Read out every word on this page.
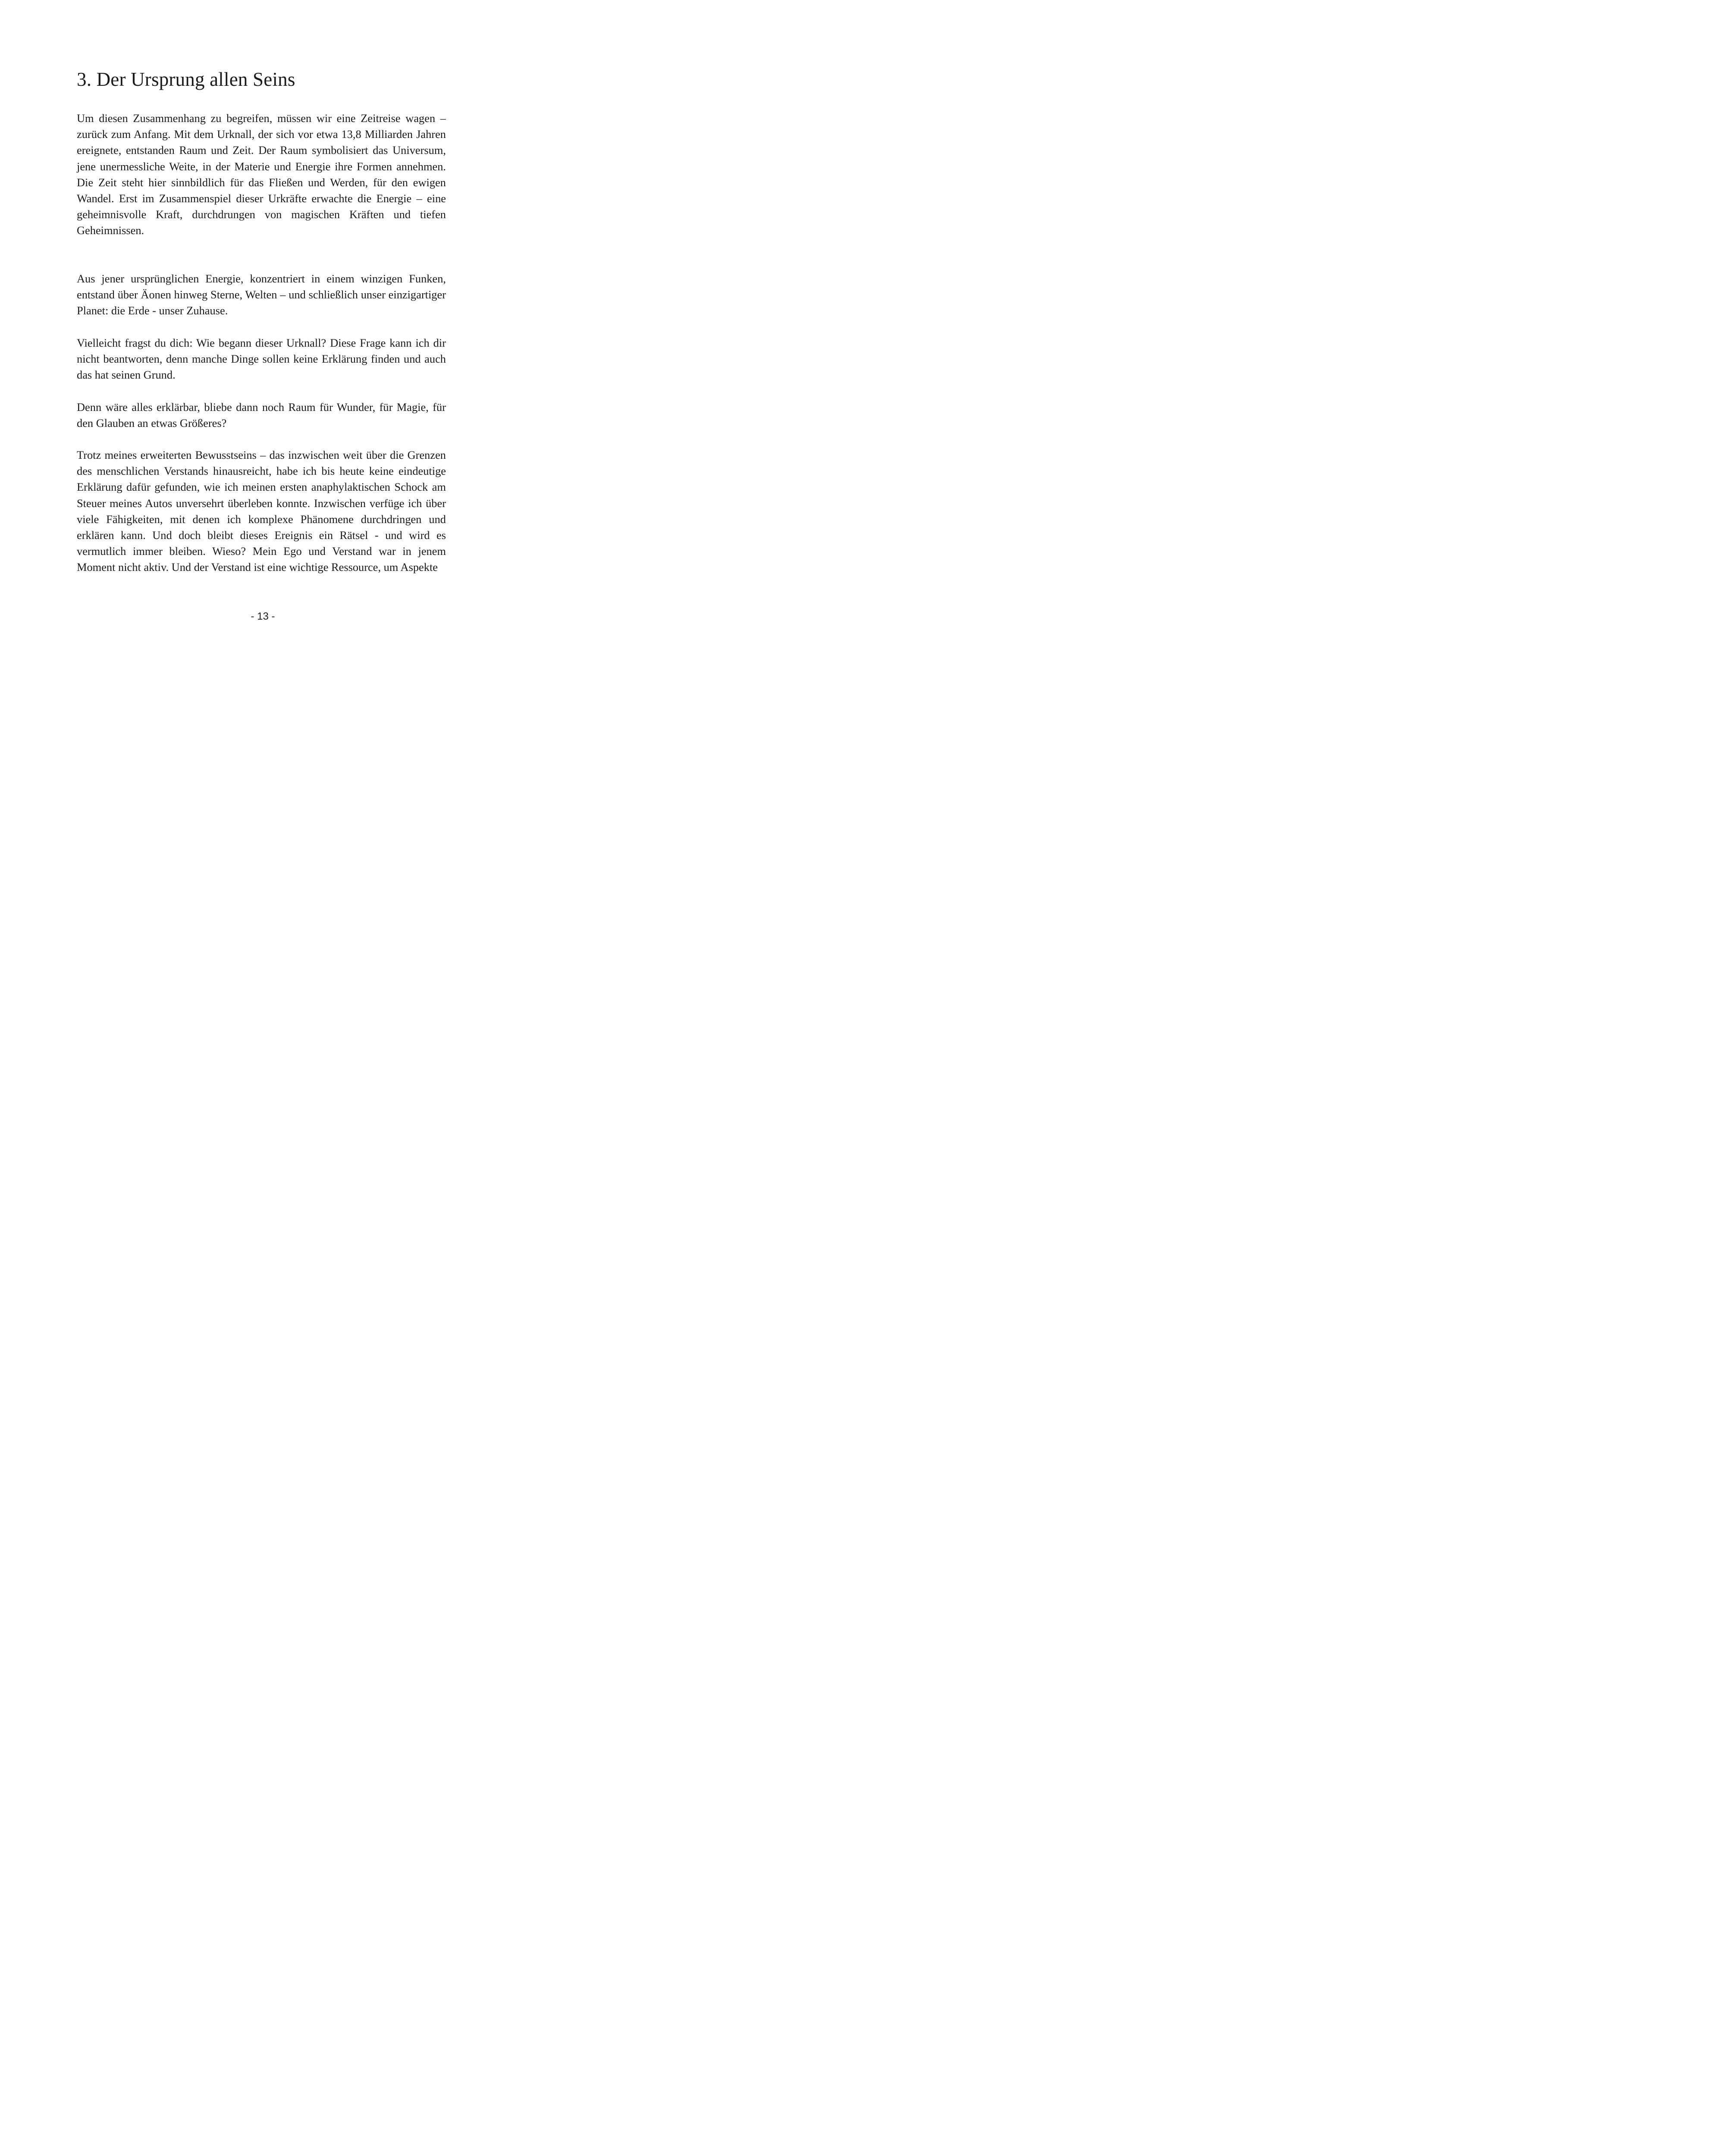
3. Der Ursprung allen Seins

Um diesen Zusammenhang zu begreifen, müssen wir eine Zeitreise wagen – zurück zum Anfang. Mit dem Urknall, der sich vor etwa 13,8 Milliarden Jahren ereignete, entstanden Raum und Zeit. Der Raum symbolisiert das Universum, jene unermessliche Weite, in der Materie und Energie ihre Formen annehmen. Die Zeit steht hier sinnbildlich für das Fließen und Werden, für den ewigen Wandel. Erst im Zusammenspiel dieser Urkräfte erwachte die Energie – eine geheimnisvolle Kraft, durchdrungen von magischen Kräften und tiefen Geheimnissen.

Aus jener ursprünglichen Energie, konzentriert in einem winzigen Funken, entstand über Äonen hinweg Sterne, Welten – und schließlich unser einzigartiger Planet: die Erde - unser Zuhause.

Vielleicht fragst du dich: Wie begann dieser Urknall? Diese Frage kann ich dir nicht beantworten, denn manche Dinge sollen keine Erklärung finden und auch das hat seinen Grund.

Denn wäre alles erklärbar, bliebe dann noch Raum für Wunder, für Magie, für den Glauben an etwas Größeres?

Trotz meines erweiterten Bewusstseins – das inzwischen weit über die Grenzen des menschlichen Verstands hinausreicht, habe ich bis heute keine eindeutige Erklärung dafür gefunden, wie ich meinen ersten anaphylaktischen Schock am Steuer meines Autos unversehrt überleben konnte. Inzwischen verfüge ich über viele Fähigkeiten, mit denen ich komplexe Phänomene durchdringen und erklären kann. Und doch bleibt dieses Ereignis ein Rätsel - und wird es vermutlich immer bleiben. Wieso? Mein Ego und Verstand war in jenem Moment nicht aktiv. Und der Verstand ist eine wichtige Ressource, um Aspekte

- 13 -
